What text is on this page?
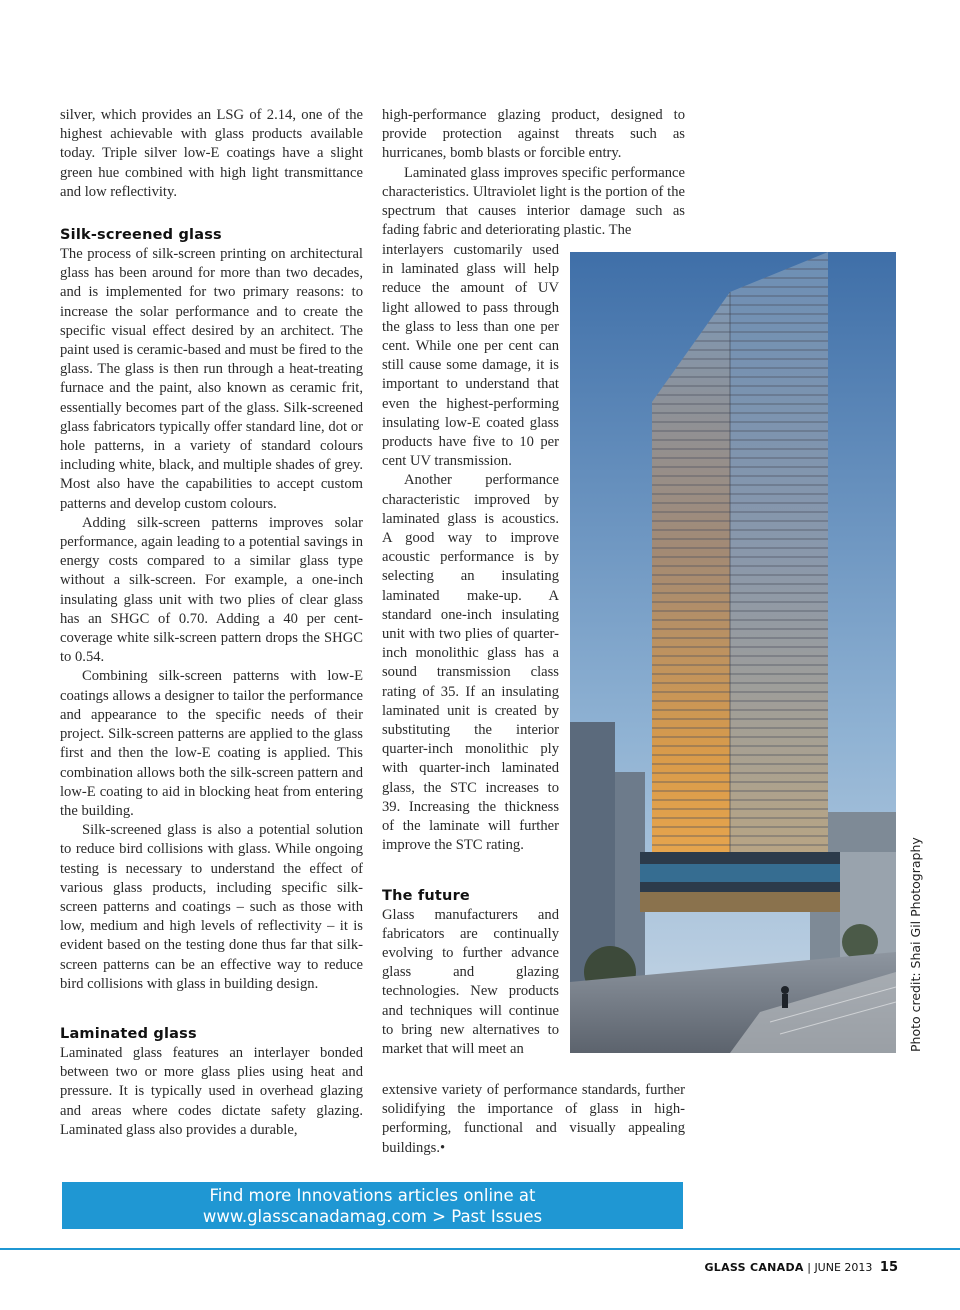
silver, which provides an LSG of 2.14, one of the highest achievable with glass products available today. Triple silver low-E coatings have a slight green hue combined with high light transmittance and low reflectivity.

Silk-screened glass

The process of silk-screen printing on architectural glass has been around for more than two decades, and is implemented for two primary reasons: to increase the solar performance and to create the specific visual effect desired by an architect. The paint used is ceramic-based and must be fired to the glass. The glass is then run through a heat-treating furnace and the paint, also known as ceramic frit, essentially becomes part of the glass. Silk-screened glass fabricators typically offer standard line, dot or hole patterns, in a variety of standard colours including white, black, and multiple shades of grey. Most also have the capabilities to accept custom patterns and develop custom colours.

Adding silk-screen patterns improves solar performance, again leading to a potential savings in energy costs compared to a similar glass type without a silk-screen. For example, a one-inch insulating glass unit with two plies of clear glass has an SHGC of 0.70. Adding a 40 per cent-coverage white silk-screen pattern drops the SHGC to 0.54.

Combining silk-screen patterns with low-E coatings allows a designer to tailor the performance and appearance to the specific needs of their project. Silk-screen patterns are applied to the glass first and then the low-E coating is applied. This combination allows both the silk-screen pattern and low-E coating to aid in blocking heat from entering the building.

Silk-screened glass is also a potential solution to reduce bird collisions with glass. While ongoing testing is necessary to understand the effect of various glass products, including specific silk-screen patterns and coatings – such as those with low, medium and high levels of reflectivity – it is evident based on the testing done thus far that silk-screen patterns can be an effective way to reduce bird collisions with glass in building design.

Laminated glass

Laminated glass features an interlayer bonded between two or more glass plies using heat and pressure. It is typically used in overhead glazing and areas where codes dictate safety glazing. Laminated glass also provides a durable,

high-performance glazing product, designed to provide protection against threats such as hurricanes, bomb blasts or forcible entry.

Laminated glass improves specific performance characteristics. Ultraviolet light is the portion of the spectrum that causes interior damage such as fading fabric and deteriorating plastic. The

interlayers customarily used in laminated glass will help reduce the amount of UV light allowed to pass through the glass to less than one per cent. While one per cent can still cause some damage, it is important to understand that even the highest-performing insulating low-E coated glass products have five to 10 per cent UV transmission.

Another performance characteristic improved by laminated glass is acoustics. A good way to improve acoustic performance is by selecting an insulating laminated make-up. A standard one-inch insulating unit with two plies of quarter-inch monolithic glass has a sound transmission class rating of 35. If an insulating laminated unit is created by substituting the interior quarter-inch monolithic ply with quarter-inch laminated glass, the STC increases to 39. Increasing the thickness of the laminate will further improve the STC rating.

The future

Glass manufacturers and fabricators are continually evolving to further advance glass and glazing technologies. New products and techniques will continue to bring new alternatives to market that will meet an

extensive variety of performance standards, further solidifying the importance of glass in high-performing, functional and visually appealing buildings.•

Photo credit: Shai Gil Photography
Find more Innovations articles online at
www.glasscanadamag.com > Past Issues
GLASS CANADA | JUNE 2013 15
